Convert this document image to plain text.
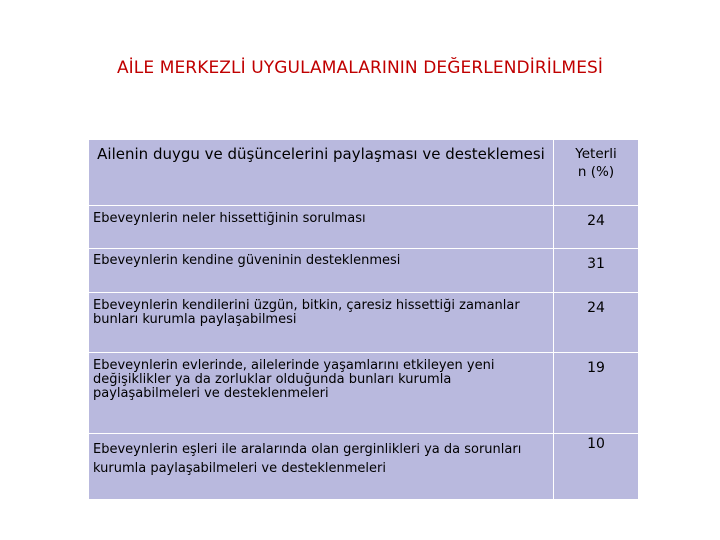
AİLE MERKEZLİ UYGULAMALARININ DEĞERLENDİRİLMESİ
Ailenin duygu ve düşüncelerini paylaşması ve desteklemesi	Yeterli
n (%)

Ebeveynlerin neler hissettiğinin sorulması	24
Ebeveynlerin kendine güveninin desteklenmesi	31
Ebeveynlerin kendilerini üzgün, bitkin, çaresiz hissettiği zamanlar bunları kurumla paylaşabilmesi	24
Ebeveynlerin evlerinde, ailelerinde yaşamlarını etkileyen yeni değişiklikler ya da zorluklar olduğunda bunları kurumla paylaşabilmeleri ve desteklenmeleri	19
Ebeveynlerin eşleri ile aralarında olan gerginlikleri ya da sorunları kurumla paylaşabilmeleri ve desteklenmeleri	10
